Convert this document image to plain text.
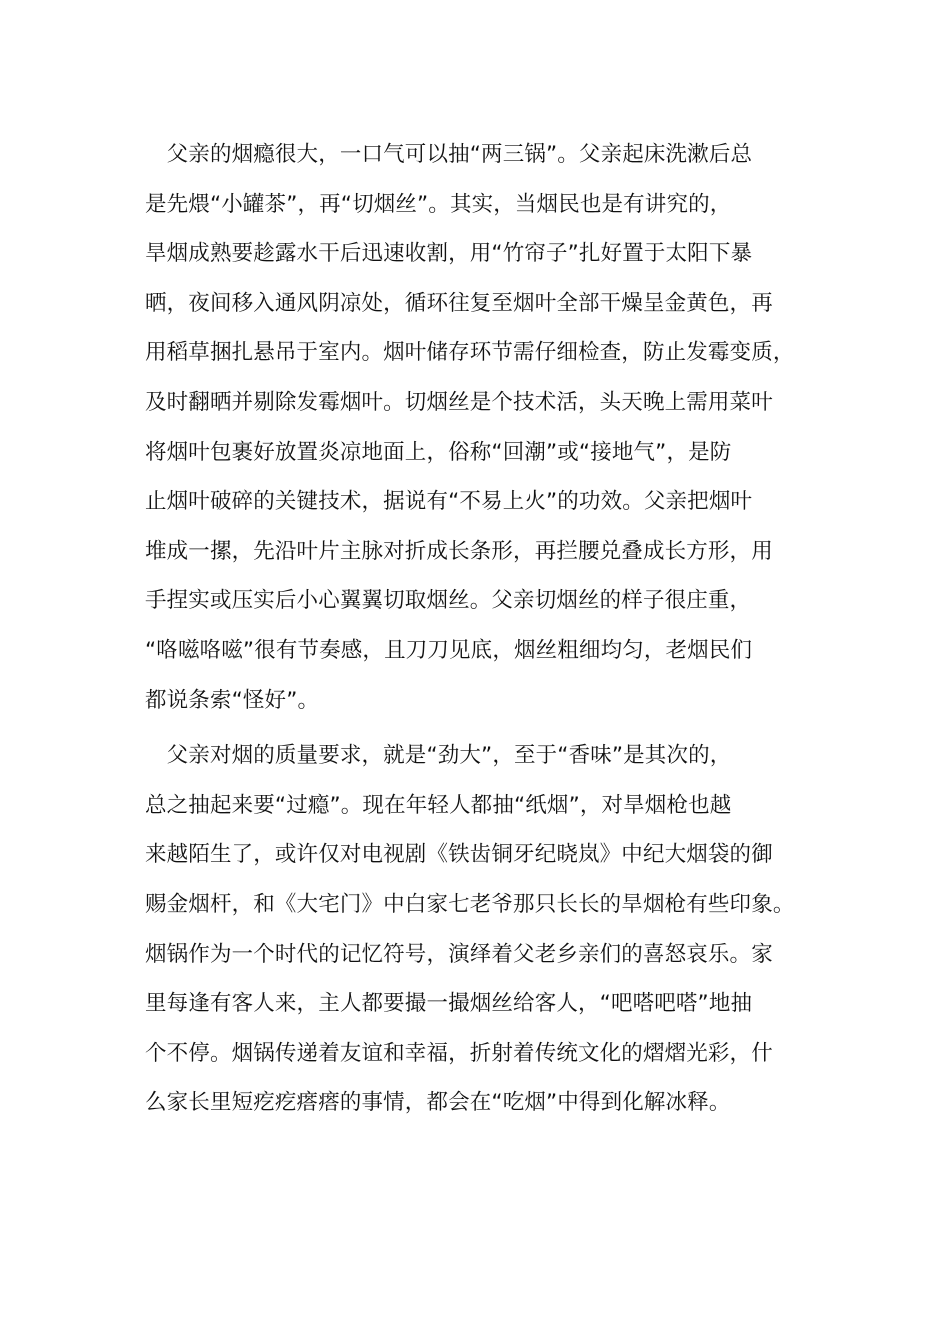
　父亲的烟瘾很大，一口气可以抽“两三锅”。父亲起床洗漱后总
是先煨“小罐茶”，再“切烟丝”。其实，当烟民也是有讲究的，
旱烟成熟要趁露水干后迅速收割，用“竹帘子”扎好置于太阳下暴
晒，夜间移入通风阴凉处，循环往复至烟叶全部干燥呈金黄色，再
用稻草捆扎悬吊于室内。烟叶储存环节需仔细检查，防止发霉变质，
及时翻晒并剔除发霉烟叶。切烟丝是个技术活，头天晚上需用菜叶
将烟叶包裹好放置炎凉地面上，俗称“回潮”或“接地气”，是防
止烟叶破碎的关键技术，据说有“不易上火”的功效。父亲把烟叶
堆成一摞，先沿叶片主脉对折成长条形，再拦腰兑叠成长方形，用
手捏实或压实后小心翼翼切取烟丝。父亲切烟丝的样子很庄重，
“咯嗞咯嗞”很有节奏感，且刀刀见底，烟丝粗细均匀，老烟民们
都说条索“怪好”。

　父亲对烟的质量要求，就是“劲大”，至于“香味”是其次的，
总之抽起来要“过瘾”。现在年轻人都抽“纸烟”，对旱烟枪也越
来越陌生了，或许仅对电视剧《铁齿铜牙纪晓岚》中纪大烟袋的御
赐金烟杆，和《大宅门》中白家七老爷那只长长的旱烟枪有些印象。
烟锅作为一个时代的记忆符号，演绎着父老乡亲们的喜怒哀乐。家
里每逢有客人来，主人都要撮一撮烟丝给客人，“吧嗒吧嗒”地抽
个不停。烟锅传递着友谊和幸福，折射着传统文化的熠熠光彩，什
么家长里短疙疙瘩瘩的事情，都会在“吃烟”中得到化解冰释。
